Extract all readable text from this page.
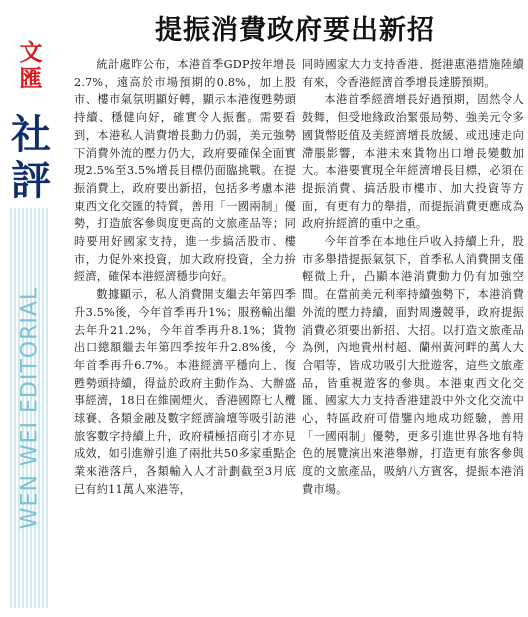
文
匯
社
評
WEN WEI EDITORIAL
提振消費政府要出新招

統計處昨公布，本港首季GDP按年增長2.7%，遠高於市場預期的0.8%，加上股市、樓市氣氛明顯好轉，顯示本港復甦勢頭持續、穩健向好，確實令人振奮。需要看到，本港私人消費增長動力仍弱，美元強勢下消費外流的壓力仍大，政府要確保全面實現2.5%至3.5%增長目標仍面臨挑戰。在提振消費上，政府要出新招，包括多考慮本港東西文化交匯的特質，善用「一國兩制」優勢，打造旅客參與度更高的文旅產品等；同時要用好國家支持，進一步搞活股市、樓市，力促外來投資，加大政府投資，全力拚經濟，確保本港經濟穩步向好。

數據顯示，私人消費開支繼去年第四季升3.5%後，今年首季再升1%；服務輸出繼去年升21.2%，今年首季再升8.1%；貨物出口總額繼去年第四季按年升2.8%後，今年首季再升6.7%。本港經濟平穩向上、復甦勢頭持續，得益於政府主動作為、大辦盛事經濟，18日在維園煙火、香港國際七人欖球賽、各類金融及數字經濟論壇等吸引訪港旅客數字持續上升，政府積極招商引才亦見成效，如引進辦引進了兩批共50多家重點企業來港落戶，各類輸入人才計劃截至3月底已有約11萬人來港等，

同時國家大力支持香港、挺港惠港措施陸續有來，令香港經濟首季增長達勝預期。

本港首季經濟增長好過預期，固然令人鼓舞，但受地緣政治緊張局勢、強美元令多國貨幣貶值及美經濟增長放緩、或迅速走向滯脹影響，本港未來貨物出口增長變數加大。本港要實現全年經濟增長目標，必須在提振消費、搞活股市樓市、加大投資等方面，有更有力的舉措，而提振消費更應成為政府拚經濟的重中之重。

今年首季在本地住戶收入持續上升，股市多舉措提振氣氛下，首季私人消費開支僅輕微上升，凸顯本港消費動力仍有加強空間。在當前美元利率持續強勢下，本港消費外流的壓力持續，面對周邊競爭，政府提振消費必須要出新招、大招。以打造文旅產品為例，內地貴州村超、蘭州黃河畔的萬人大合唱等，皆成功吸引大批遊客，這些文旅產品，皆重視遊客的參與。本港東西文化交匯、國家大力支持香港建設中外文化交流中心，特區政府可借鑒內地成功經驗，善用「一國兩制」優勢，更多引進世界各地有特色的展覽演出來港舉辦，打造更有旅客參與度的文旅產品，吸納八方賓客，提振本港消費市場。
